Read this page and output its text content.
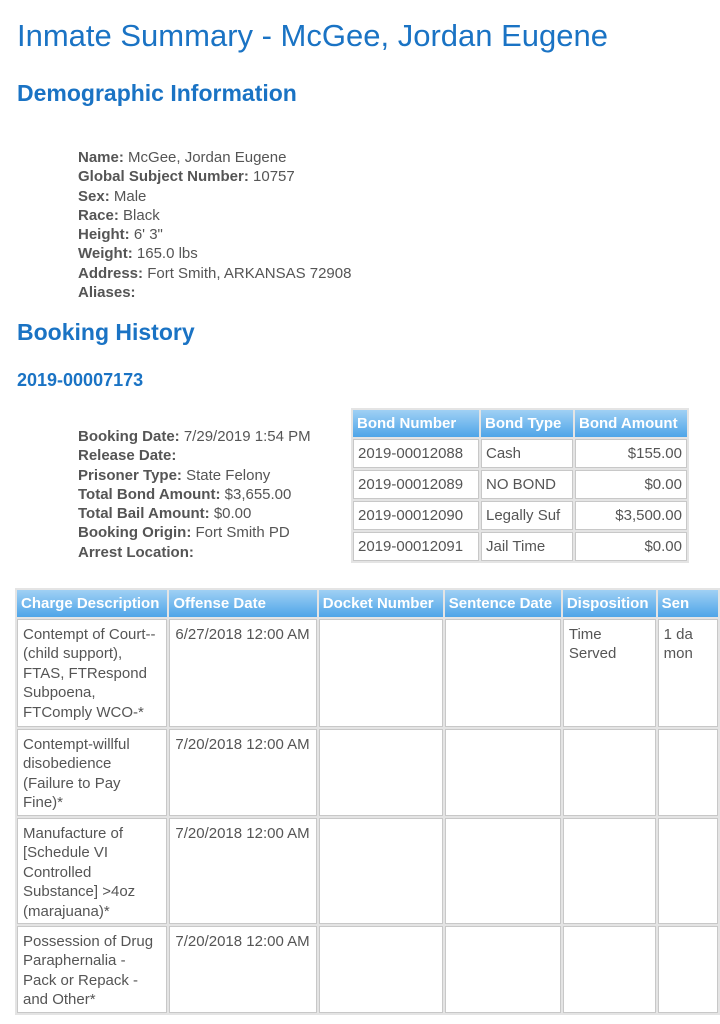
Inmate Summary - McGee, Jordan Eugene
Demographic Information
Name: McGee, Jordan Eugene
Global Subject Number: 10757
Sex: Male
Race: Black
Height: 6' 3"
Weight: 165.0 lbs
Address: Fort Smith, ARKANSAS 72908
Aliases:
Booking History
2019-00007173
Booking Date: 7/29/2019 1:54 PM
Release Date:
Prisoner Type: State Felony
Total Bond Amount: $3,655.00
Total Bail Amount: $0.00
Booking Origin: Fort Smith PD
Arrest Location:
Bond Number	Bond Type	Bond Amount
2019-00012088	Cash	$155.00
2019-00012089	NO BOND	$0.00
2019-00012090	Legally Suf	$3,500.00
2019-00012091	Jail Time	$0.00
Charge Description	Offense Date	Docket Number	Sentence Date	Disposition	Sen
Contempt of Court--(child support), FTAS, FTRespond Subpoena, FTComply WCO-*	6/27/2018 12:00 AM			Time Served	1 da mon
Contempt-willful disobedience (Failure to Pay Fine)*	7/20/2018 12:00 AM				
Manufacture of [Schedule VI Controlled Substance] >4oz (marajuana)*	7/20/2018 12:00 AM				
Possession of Drug Paraphernalia - Pack or Repack - and Other*	7/20/2018 12:00 AM				
